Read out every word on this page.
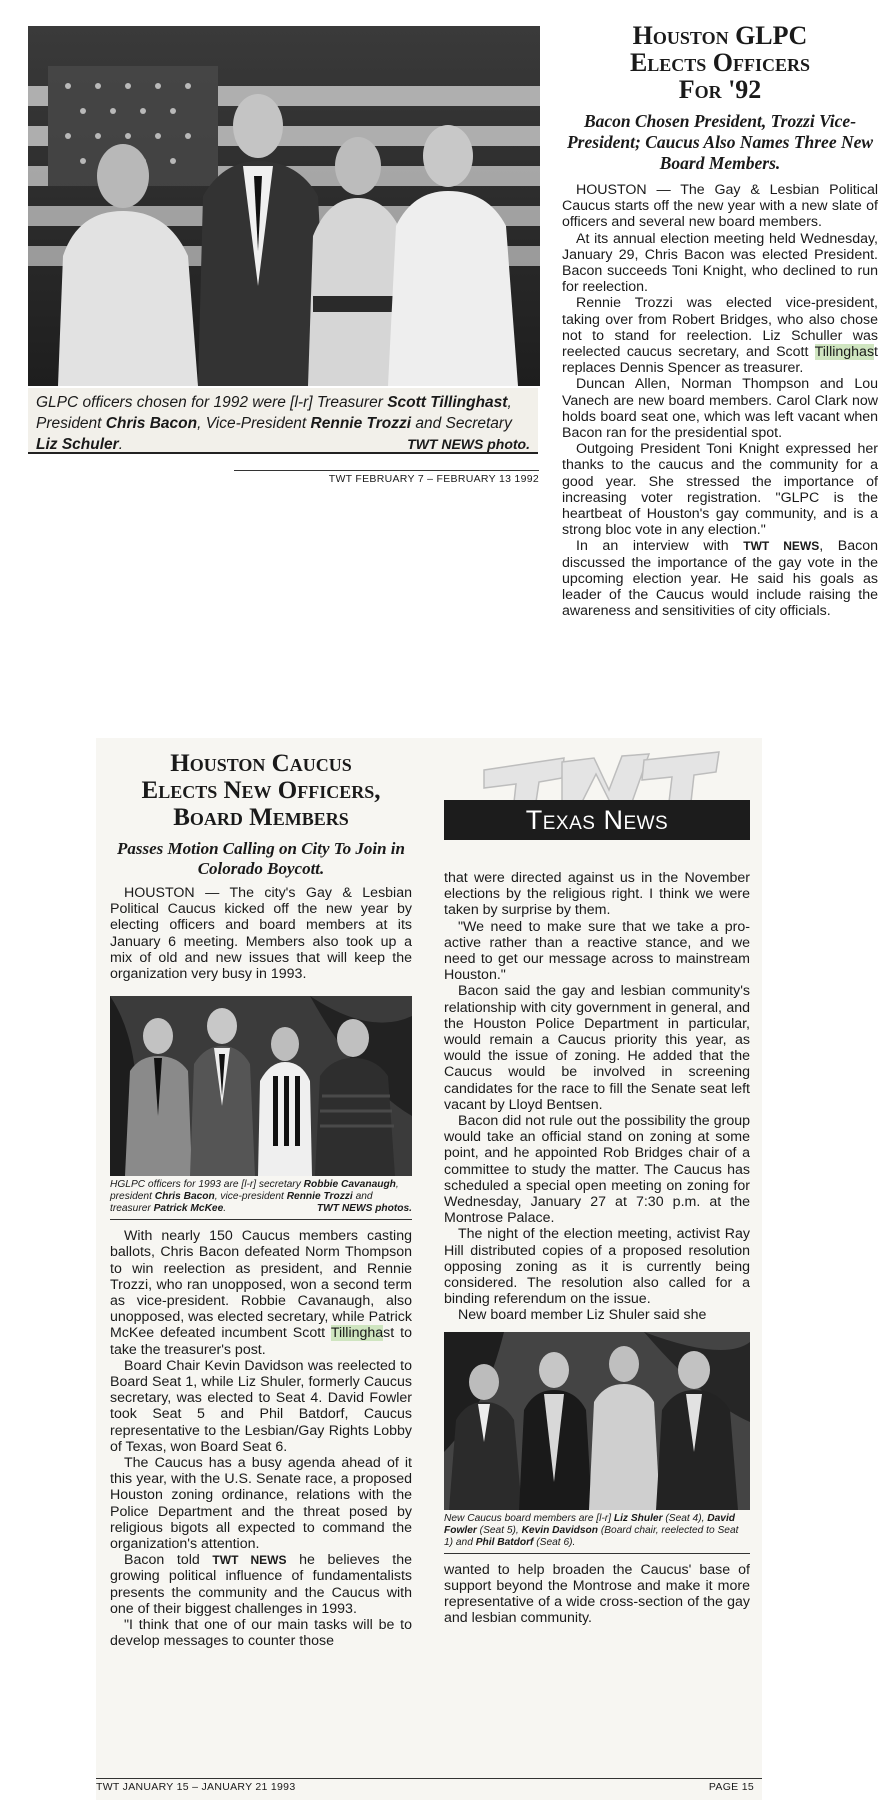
GLPC officers chosen for 1992 were [l-r] Treasurer Scott Tillinghast, President Chris Bacon, Vice-President Rennie Trozzi and Secretary Liz Schuler.	TWT NEWS photo.
TWT FEBRUARY 7 – FEBRUARY 13 1992
Houston GLPC
Elects Officers
For '92
Bacon Chosen President, Trozzi Vice-President; Caucus Also Names Three New Board Members.

HOUSTON — The Gay & Lesbian Political Caucus starts off the new year with a new slate of officers and several new board members.

At its annual election meeting held Wednesday, January 29, Chris Bacon was elected President. Bacon succeeds Toni Knight, who declined to run for reelection.

Rennie Trozzi was elected vice-president, taking over from Robert Bridges, who also chose not to stand for reelection. Liz Schuller was reelected caucus secretary, and Scott Tillinghast replaces Dennis Spencer as treasurer.

Duncan Allen, Norman Thompson and Lou Vanech are new board members. Carol Clark now holds board seat one, which was left vacant when Bacon ran for the presidential spot.

Outgoing President Toni Knight expressed her thanks to the caucus and the community for a good year. She stressed the importance of increasing voter registration. "GLPC is the heartbeat of Houston's gay community, and is a strong bloc vote in any election."

In an interview with TWT NEWS, Bacon discussed the importance of the gay vote in the upcoming election year. He said his goals as leader of the Caucus would include raising the awareness and sensitivities of city officials.

Houston Caucus
Elects New Officers,
Board Members
Passes Motion Calling on City To Join in Colorado Boycott.

HOUSTON — The city's Gay & Lesbian Political Caucus kicked off the new year by electing officers and board members at its January 6 meeting. Members also took up a mix of old and new issues that will keep the organization very busy in 1993.

HGLPC officers for 1993 are [l-r] secretary Robbie Cavanaugh, president Chris Bacon, vice-president Rennie Trozzi and treasurer Patrick McKee.	TWT NEWS photos.

With nearly 150 Caucus members casting ballots, Chris Bacon defeated Norm Thompson to win reelection as president, and Rennie Trozzi, who ran unopposed, won a second term as vice-president. Robbie Cavanaugh, also unopposed, was elected secretary, while Patrick McKee defeated incumbent Scott Tillinghast to take the treasurer's post.

Board Chair Kevin Davidson was reelected to Board Seat 1, while Liz Shuler, formerly Caucus secretary, was elected to Seat 4. David Fowler took Seat 5 and Phil Batdorf, Caucus representative to the Lesbian/Gay Rights Lobby of Texas, won Board Seat 6.

The Caucus has a busy agenda ahead of it this year, with the U.S. Senate race, a proposed Houston zoning ordinance, relations with the Police Department and the threat posed by religious bigots all expected to command the organization's attention.

Bacon told TWT NEWS he believes the growing political influence of fundamentalists presents the community and the Caucus with one of their biggest challenges in 1993.

"I think that one of our main tasks will be to develop messages to counter those

Texas News

that were directed against us in the November elections by the religious right. I think we were taken by surprise by them.

"We need to make sure that we take a pro-active rather than a reactive stance, and we need to get our message across to mainstream Houston."

Bacon said the gay and lesbian community's relationship with city government in general, and the Houston Police Department in particular, would remain a Caucus priority this year, as would the issue of zoning. He added that the Caucus would be involved in screening candidates for the race to fill the Senate seat left vacant by Lloyd Bentsen.

Bacon did not rule out the possibility the group would take an official stand on zoning at some point, and he appointed Rob Bridges chair of a committee to study the matter. The Caucus has scheduled a special open meeting on zoning for Wednesday, January 27 at 7:30 p.m. at the Montrose Palace.

The night of the election meeting, activist Ray Hill distributed copies of a proposed resolution opposing zoning as it is currently being considered. The resolution also called for a binding referendum on the issue.

New board member Liz Shuler said she

New Caucus board members are [l-r] Liz Shuler (Seat 4), David Fowler (Seat 5), Kevin Davidson (Board chair, reelected to Seat 1) and Phil Batdorf (Seat 6).

wanted to help broaden the Caucus' base of support beyond the Montrose and make it more representative of a wide cross-section of the gay and lesbian community.

TWT JANUARY 15 – JANUARY 21 1993	PAGE 15
